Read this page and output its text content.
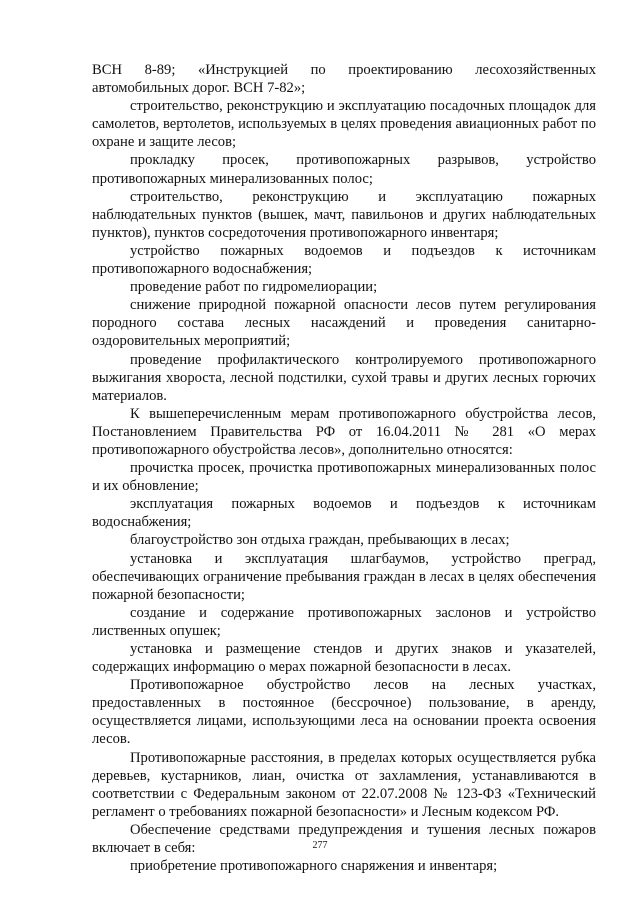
ВСН 8-89; «Инструкцией по проектированию лесохозяйственных автомобильных дорог. ВСН 7-82»;

строительство, реконструкцию и эксплуатацию посадочных площадок для самолетов, вертолетов, используемых в целях проведения авиационных работ по охране и защите лесов;

прокладку просек, противопожарных разрывов, устройство противопожарных минерализованных полос;

строительство, реконструкцию и эксплуатацию пожарных наблюдательных пунктов (вышек, мачт, павильонов и других наблюдательных пунктов), пунктов сосредоточения противопожарного инвентаря;

устройство пожарных водоемов и подъездов к источникам противопожарного водоснабжения;

проведение работ по гидромелиорации;

снижение природной пожарной опасности лесов путем регулирования породного состава лесных насаждений и проведения санитарно-оздоровительных мероприятий;

проведение профилактического контролируемого противопожарного выжигания хвороста, лесной подстилки, сухой травы и других лесных горючих материалов.

К вышеперечисленным мерам противопожарного обустройства лесов, Постановлением Правительства РФ от 16.04.2011 № 281 «О мерах противопожарного обустройства лесов», дополнительно относятся:

прочистка просек, прочистка противопожарных минерализованных полос и их обновление;

эксплуатация пожарных водоемов и подъездов к источникам водоснабжения;

благоустройство зон отдыха граждан, пребывающих в лесах;

установка и эксплуатация шлагбаумов, устройство преград, обеспечивающих ограничение пребывания граждан в лесах в целях обеспечения пожарной безопасности;

создание и содержание противопожарных заслонов и устройство лиственных опушек;

установка и размещение стендов и других знаков и указателей, содержащих информацию о мерах пожарной безопасности в лесах.

Противопожарное обустройство лесов на лесных участках, предоставленных в постоянное (бессрочное) пользование, в аренду, осуществляется лицами, использующими леса на основании проекта освоения лесов.

Противопожарные расстояния, в пределах которых осуществляется рубка деревьев, кустарников, лиан, очистка от захламления, устанавливаются в соответствии с Федеральным законом от 22.07.2008 № 123-ФЗ «Технический регламент о требованиях пожарной безопасности» и Лесным кодексом РФ.

Обеспечение средствами предупреждения и тушения лесных пожаров включает в себя:

приобретение противопожарного снаряжения и инвентаря;

277
